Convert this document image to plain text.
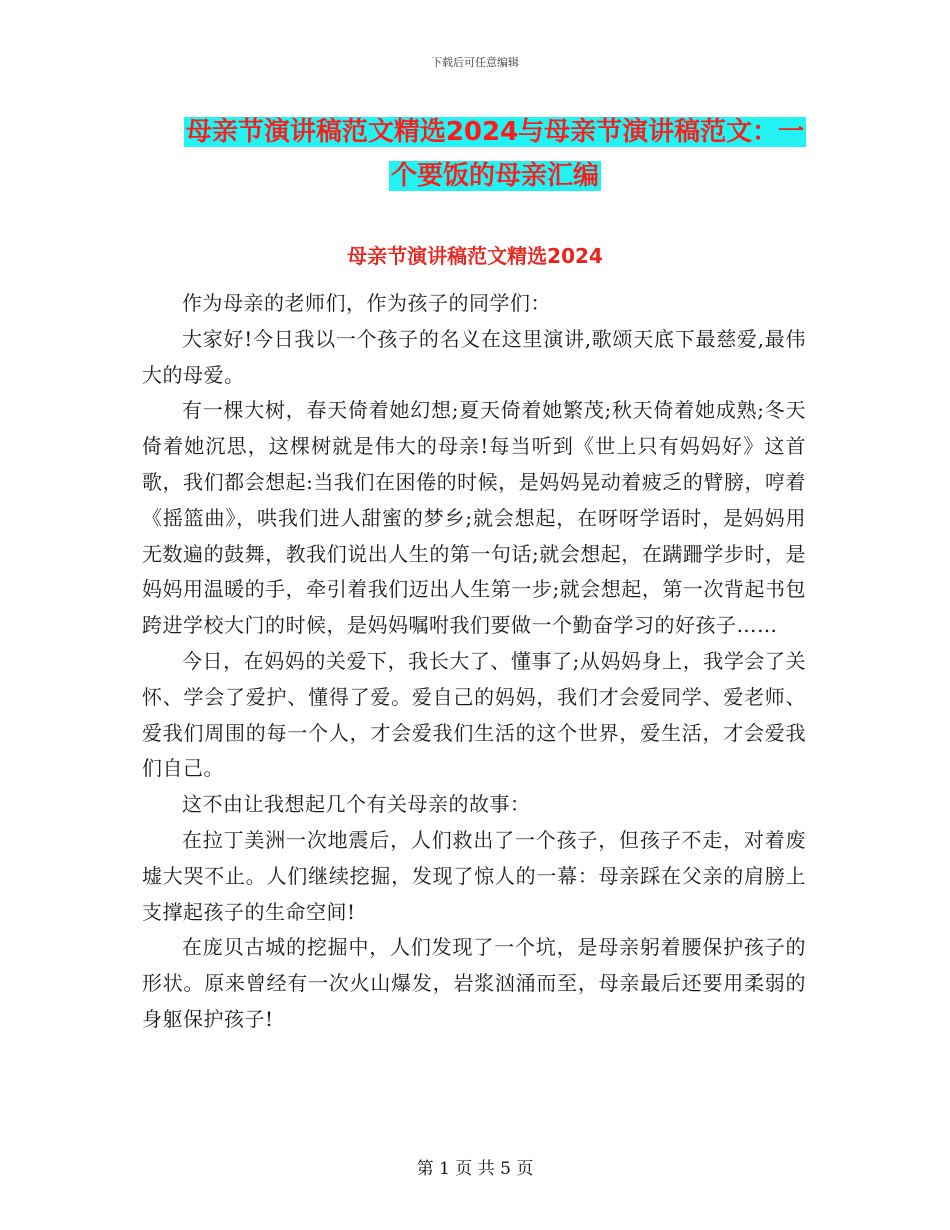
下载后可任意编辑
母亲节演讲稿范文精选2024与母亲节演讲稿范文：一
个要饭的母亲汇编
母亲节演讲稿范文精选2024

作为母亲的老师们，作为孩子的同学们：

大家好!今日我以一个孩子的名义在这里演讲,歌颂天底下最慈爱,最伟大的母爱。

有一棵大树，春天倚着她幻想;夏天倚着她繁茂;秋天倚着她成熟;冬天倚着她沉思，这棵树就是伟大的母亲!每当听到《世上只有妈妈好》这首歌，我们都会想起:当我们在困倦的时候，是妈妈晃动着疲乏的臂膀，哼着《摇篮曲》，哄我们进人甜蜜的梦乡;就会想起，在呀呀学语时，是妈妈用无数遍的鼓舞，教我们说出人生的第一句话;就会想起，在蹒跚学步时，是妈妈用温暖的手，牵引着我们迈出人生第一步;就会想起，第一次背起书包跨进学校大门的时候，是妈妈嘱咐我们要做一个勤奋学习的好孩子……

今日，在妈妈的关爱下，我长大了、懂事了;从妈妈身上，我学会了关怀、学会了爱护、懂得了爱。爱自己的妈妈，我们才会爱同学、爱老师、爱我们周围的每一个人，才会爱我们生活的这个世界，爱生活，才会爱我们自己。

这不由让我想起几个有关母亲的故事：

在拉丁美洲一次地震后，人们救出了一个孩子，但孩子不走，对着废墟大哭不止。人们继续挖掘，发现了惊人的一幕：母亲踩在父亲的肩膀上支撑起孩子的生命空间!

在庞贝古城的挖掘中，人们发现了一个坑，是母亲躬着腰保护孩子的形状。原来曾经有一次火山爆发，岩浆汹涌而至，母亲最后还要用柔弱的身躯保护孩子!

第 1 页 共 5 页
